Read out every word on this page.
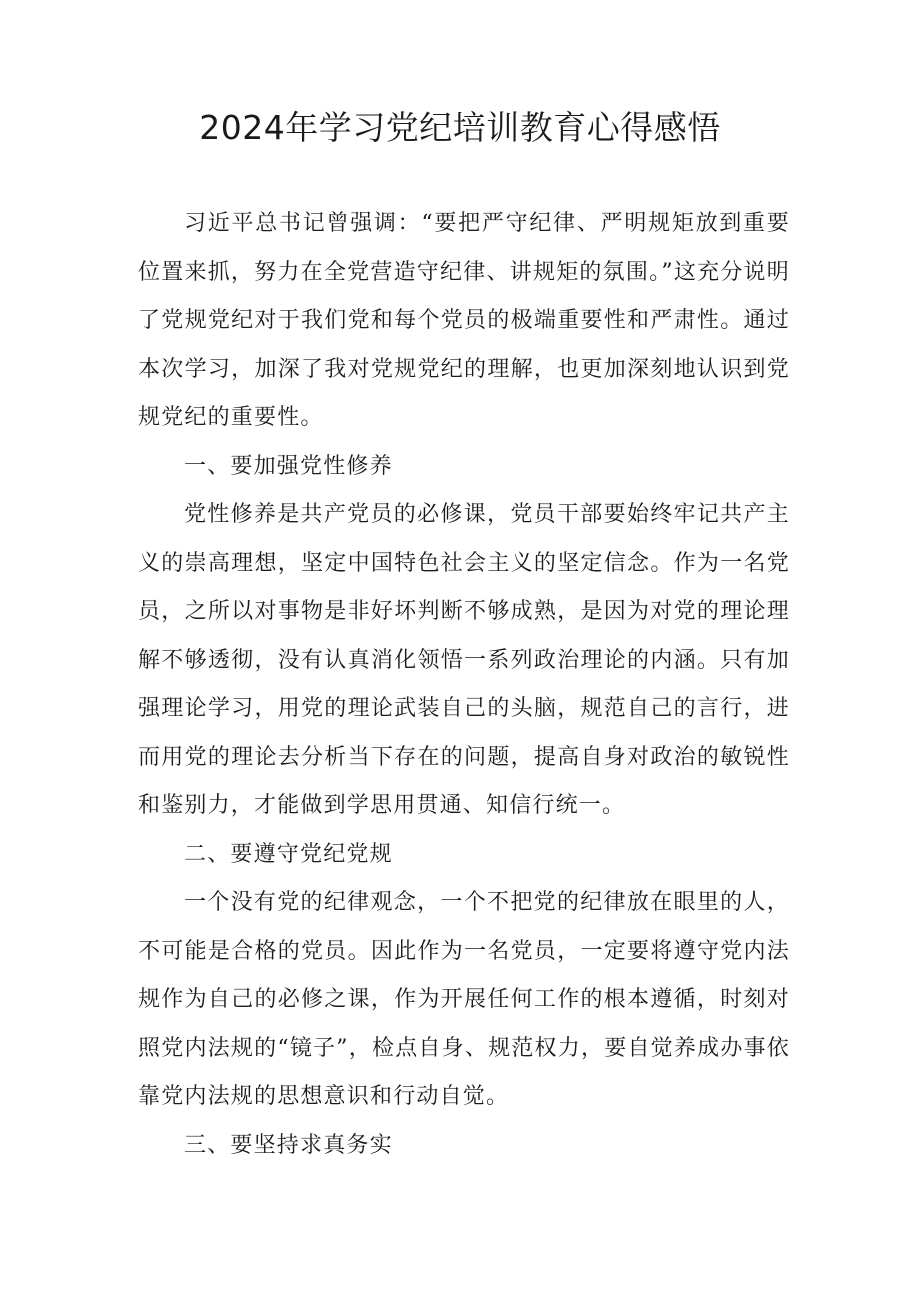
2024年学习党纪培训教育心得感悟

习近平总书记曾强调：“要把严守纪律、严明规矩放到重要位置来抓，努力在全党营造守纪律、讲规矩的氛围。”这充分说明了党规党纪对于我们党和每个党员的极端重要性和严肃性。通过本次学习，加深了我对党规党纪的理解，也更加深刻地认识到党规党纪的重要性。

一、要加强党性修养

党性修养是共产党员的必修课，党员干部要始终牢记共产主义的崇高理想，坚定中国特色社会主义的坚定信念。作为一名党员，之所以对事物是非好坏判断不够成熟，是因为对党的理论理解不够透彻，没有认真消化领悟一系列政治理论的内涵。只有加强理论学习，用党的理论武装自己的头脑，规范自己的言行，进而用党的理论去分析当下存在的问题，提高自身对政治的敏锐性和鉴别力，才能做到学思用贯通、知信行统一。

二、要遵守党纪党规

一个没有党的纪律观念，一个不把党的纪律放在眼里的人，不可能是合格的党员。因此作为一名党员，一定要将遵守党内法规作为自己的必修之课，作为开展任何工作的根本遵循，时刻对照党内法规的“镜子”，检点自身、规范权力，要自觉养成办事依靠党内法规的思想意识和行动自觉。

三、要坚持求真务实
